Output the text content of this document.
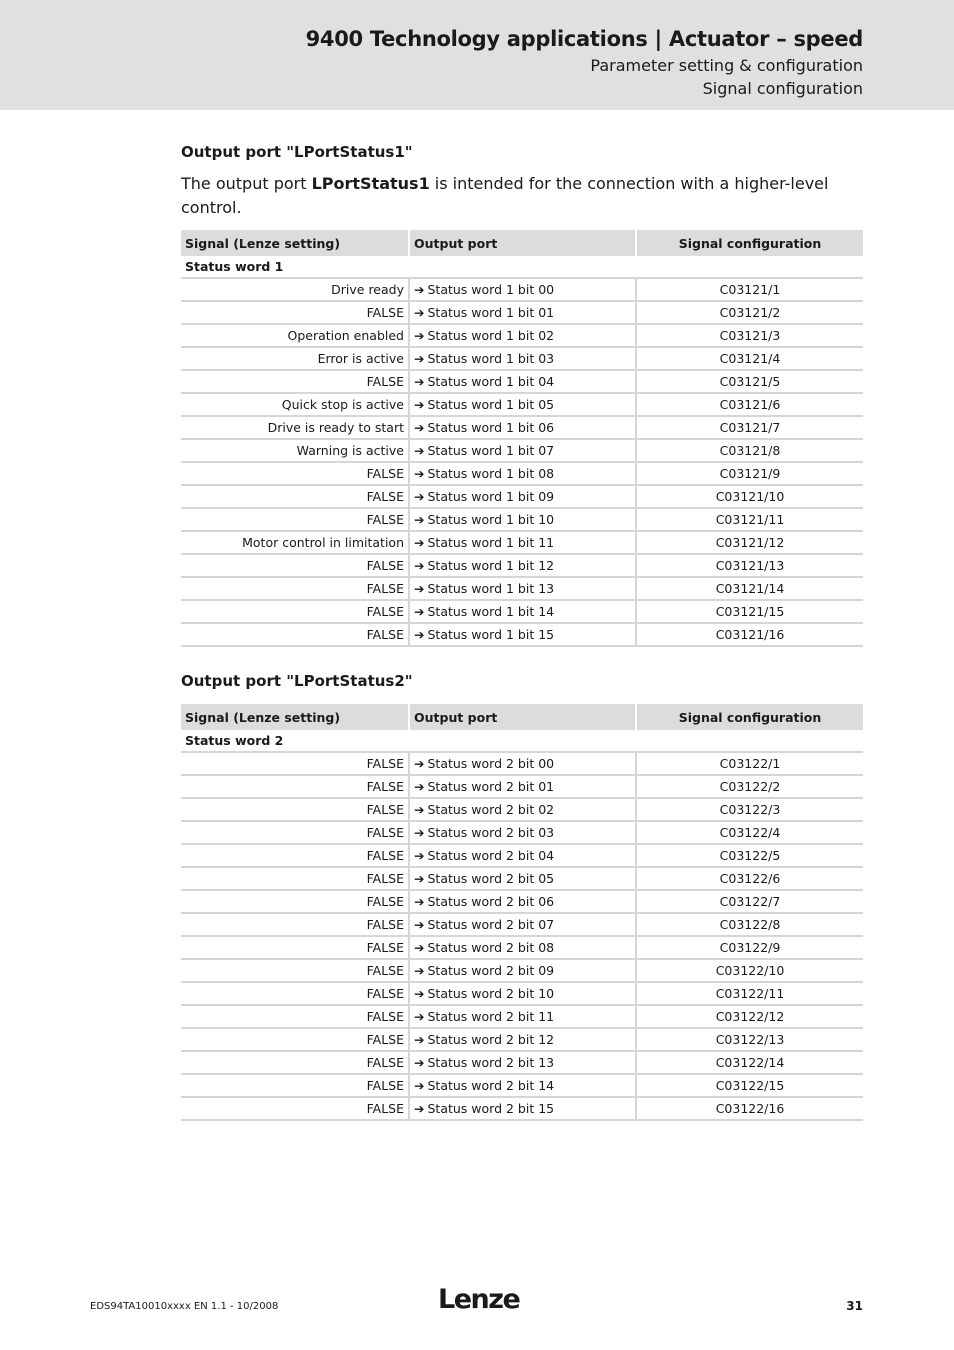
9400 Technology applications | Actuator – speed
Parameter setting & configuration
Signal configuration
Output port "LPortStatus1"
The output port LPortStatus1 is intended for the connection with a higher-level control.
Signal (Lenze setting)	Output port	Signal configuration
Status word 1		
Drive ready	➔ Status word 1 bit 00	C03121/1
FALSE	➔ Status word 1 bit 01	C03121/2
Operation enabled	➔ Status word 1 bit 02	C03121/3
Error is active	➔ Status word 1 bit 03	C03121/4
FALSE	➔ Status word 1 bit 04	C03121/5
Quick stop is active	➔ Status word 1 bit 05	C03121/6
Drive is ready to start	➔ Status word 1 bit 06	C03121/7
Warning is active	➔ Status word 1 bit 07	C03121/8
FALSE	➔ Status word 1 bit 08	C03121/9
FALSE	➔ Status word 1 bit 09	C03121/10
FALSE	➔ Status word 1 bit 10	C03121/11
Motor control in limitation	➔ Status word 1 bit 11	C03121/12
FALSE	➔ Status word 1 bit 12	C03121/13
FALSE	➔ Status word 1 bit 13	C03121/14
FALSE	➔ Status word 1 bit 14	C03121/15
FALSE	➔ Status word 1 bit 15	C03121/16
Output port "LPortStatus2"
Signal (Lenze setting)	Output port	Signal configuration
Status word 2		
FALSE	➔ Status word 2 bit 00	C03122/1
FALSE	➔ Status word 2 bit 01	C03122/2
FALSE	➔ Status word 2 bit 02	C03122/3
FALSE	➔ Status word 2 bit 03	C03122/4
FALSE	➔ Status word 2 bit 04	C03122/5
FALSE	➔ Status word 2 bit 05	C03122/6
FALSE	➔ Status word 2 bit 06	C03122/7
FALSE	➔ Status word 2 bit 07	C03122/8
FALSE	➔ Status word 2 bit 08	C03122/9
FALSE	➔ Status word 2 bit 09	C03122/10
FALSE	➔ Status word 2 bit 10	C03122/11
FALSE	➔ Status word 2 bit 11	C03122/12
FALSE	➔ Status word 2 bit 12	C03122/13
FALSE	➔ Status word 2 bit 13	C03122/14
FALSE	➔ Status word 2 bit 14	C03122/15
FALSE	➔ Status word 2 bit 15	C03122/16
EDS94TA10010xxxx EN 1.1 - 10/2008	Lenze	31
